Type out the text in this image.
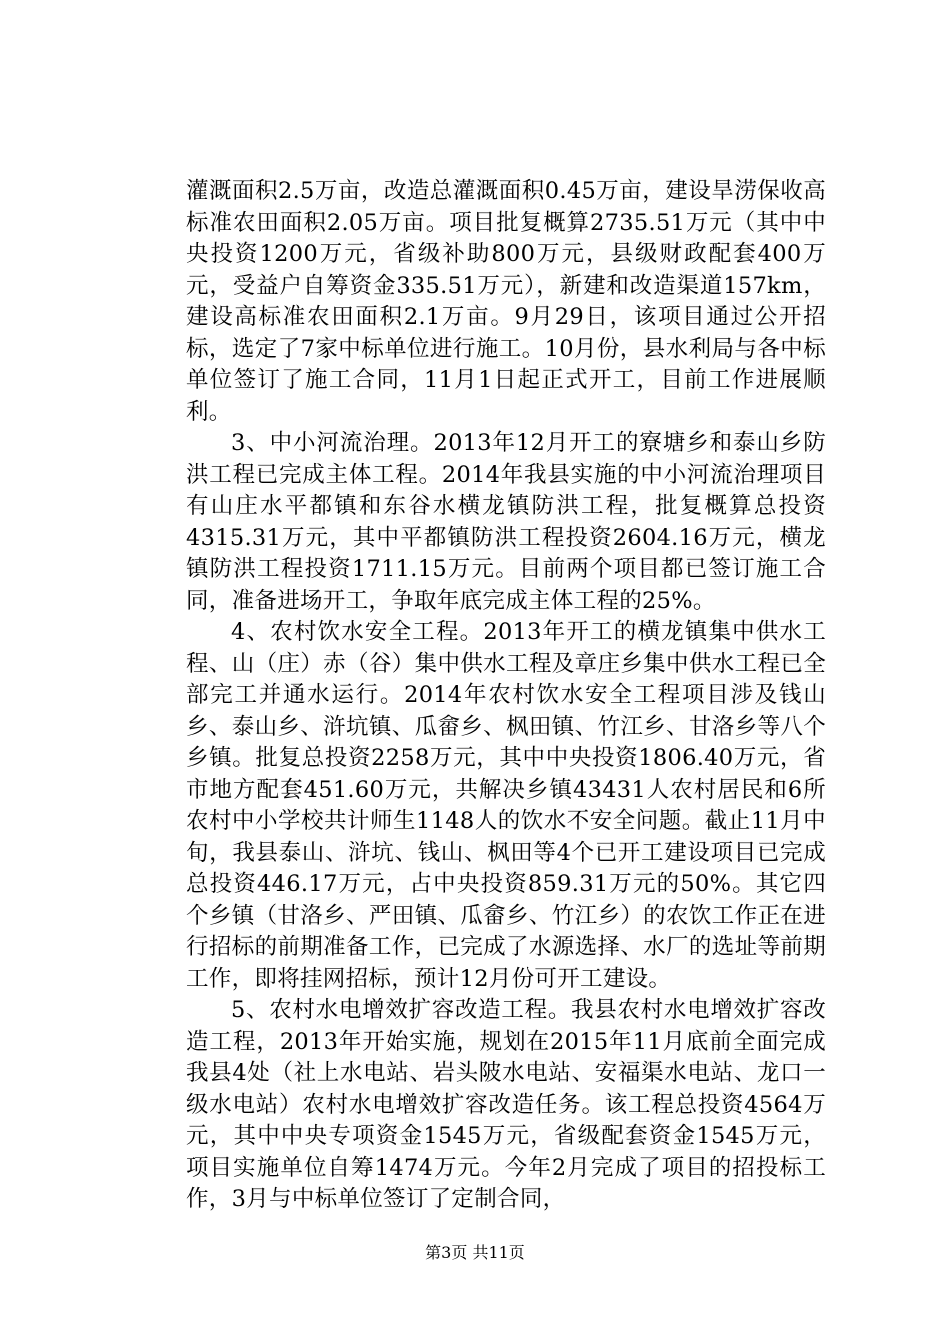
灌溉面积2.5万亩，改造总灌溉面积0.45万亩，建设旱涝保收高标准农田面积2.05万亩。项目批复概算2735.51万元（其中中央投资1200万元，省级补助800万元，县级财政配套400万元，受益户自筹资金335.51万元），新建和改造渠道157km，建设高标准农田面积2.1万亩。9月29日，该项目通过公开招标，选定了7家中标单位进行施工。10月份，县水利局与各中标单位签订了施工合同，11月1日起正式开工，目前工作进展顺利。

3、中小河流治理。2013年12月开工的寮塘乡和泰山乡防洪工程已完成主体工程。2014年我县实施的中小河流治理项目有山庄水平都镇和东谷水横龙镇防洪工程，批复概算总投资4315.31万元，其中平都镇防洪工程投资2604.16万元，横龙镇防洪工程投资1711.15万元。目前两个项目都已签订施工合同，准备进场开工，争取年底完成主体工程的25%。

4、农村饮水安全工程。2013年开工的横龙镇集中供水工程、山（庄）赤（谷）集中供水工程及章庄乡集中供水工程已全部完工并通水运行。2014年农村饮水安全工程项目涉及钱山乡、泰山乡、浒坑镇、瓜畲乡、枫田镇、竹江乡、甘洛乡等八个乡镇。批复总投资2258万元，其中中央投资1806.40万元，省市地方配套451.60万元，共解决乡镇43431人农村居民和6所农村中小学校共计师生1148人的饮水不安全问题。截止11月中旬，我县泰山、浒坑、钱山、枫田等4个已开工建设项目已完成总投资446.17万元，占中央投资859.31万元的50%。其它四个乡镇（甘洛乡、严田镇、瓜畲乡、竹江乡）的农饮工作正在进行招标的前期准备工作，已完成了水源选择、水厂的选址等前期工作，即将挂网招标，预计12月份可开工建设。

5、农村水电增效扩容改造工程。我县农村水电增效扩容改造工程，2013年开始实施，规划在2015年11月底前全面完成我县4处（社上水电站、岩头陂水电站、安福渠水电站、龙口一级水电站）农村水电增效扩容改造任务。该工程总投资4564万元，其中中央专项资金1545万元，省级配套资金1545万元，项目实施单位自筹1474万元。今年2月完成了项目的招投标工作，3月与中标单位签订了定制合同，

第3页 共11页
